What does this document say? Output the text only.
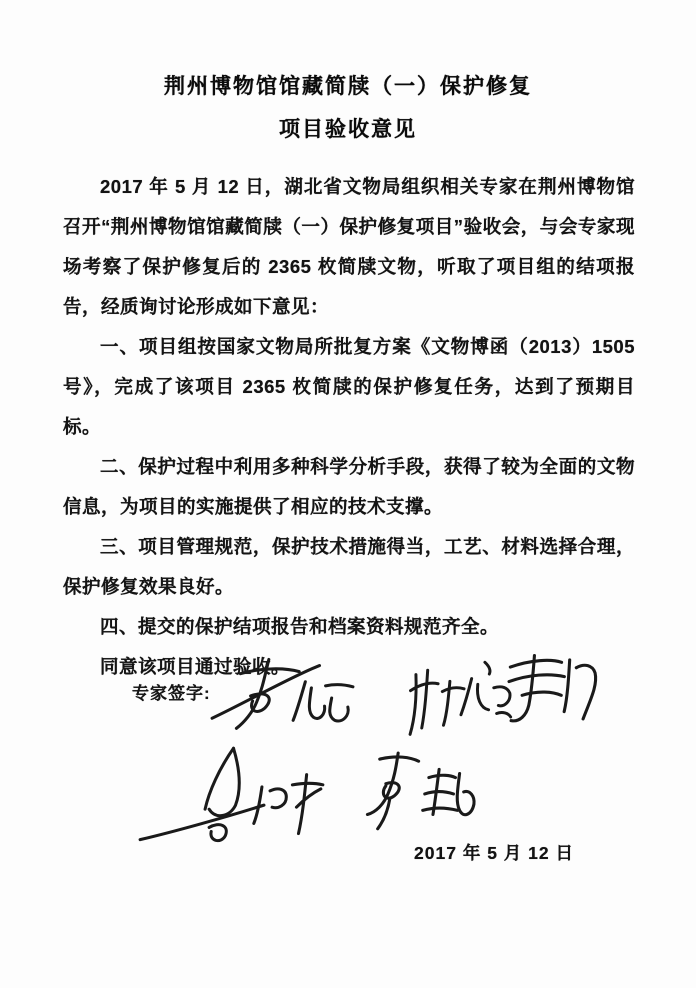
荆州博物馆馆藏简牍（一）保护修复
项目验收意见

2017 年 5 月 12 日，湖北省文物局组织相关专家在荆州博物馆召开“荆州博物馆馆藏简牍（一）保护修复项目”验收会，与会专家现场考察了保护修复后的 2365 枚简牍文物，听取了项目组的结项报告，经质询讨论形成如下意见：

一、项目组按国家文物局所批复方案《文物博函（2013）1505 号》，完成了该项目 2365 枚简牍的保护修复任务，达到了预期目标。

二、保护过程中利用多种科学分析手段，获得了较为全面的文物信息，为项目的实施提供了相应的技术支撑。

三、项目管理规范，保护技术措施得当，工艺、材料选择合理，保护修复效果良好。

四、提交的保护结项报告和档案资料规范齐全。

同意该项目通过验收。

专家签字:
2017 年 5 月 12 日
